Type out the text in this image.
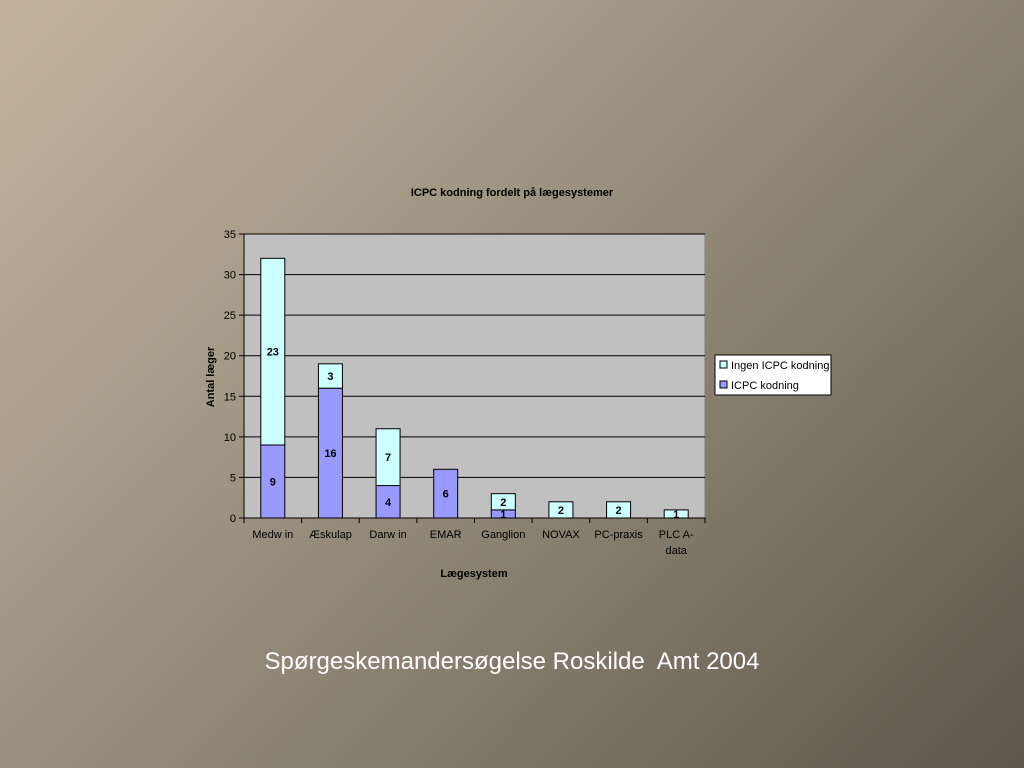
ICPC kodning fordelt på lægesystemer
9
23
16
3
4
7
6
1
2
2	2	1
0
5
10
15
20
25
30
35
Medw in Æskulap Darw in EMAR Ganglion NOVAX PC-praxis PLC A-
data
Lægesystem
Antal læger	Ingen ICPC kodning
ICPC kodning
Spørgeskemandersøgelse Roskilde  Amt 2004
